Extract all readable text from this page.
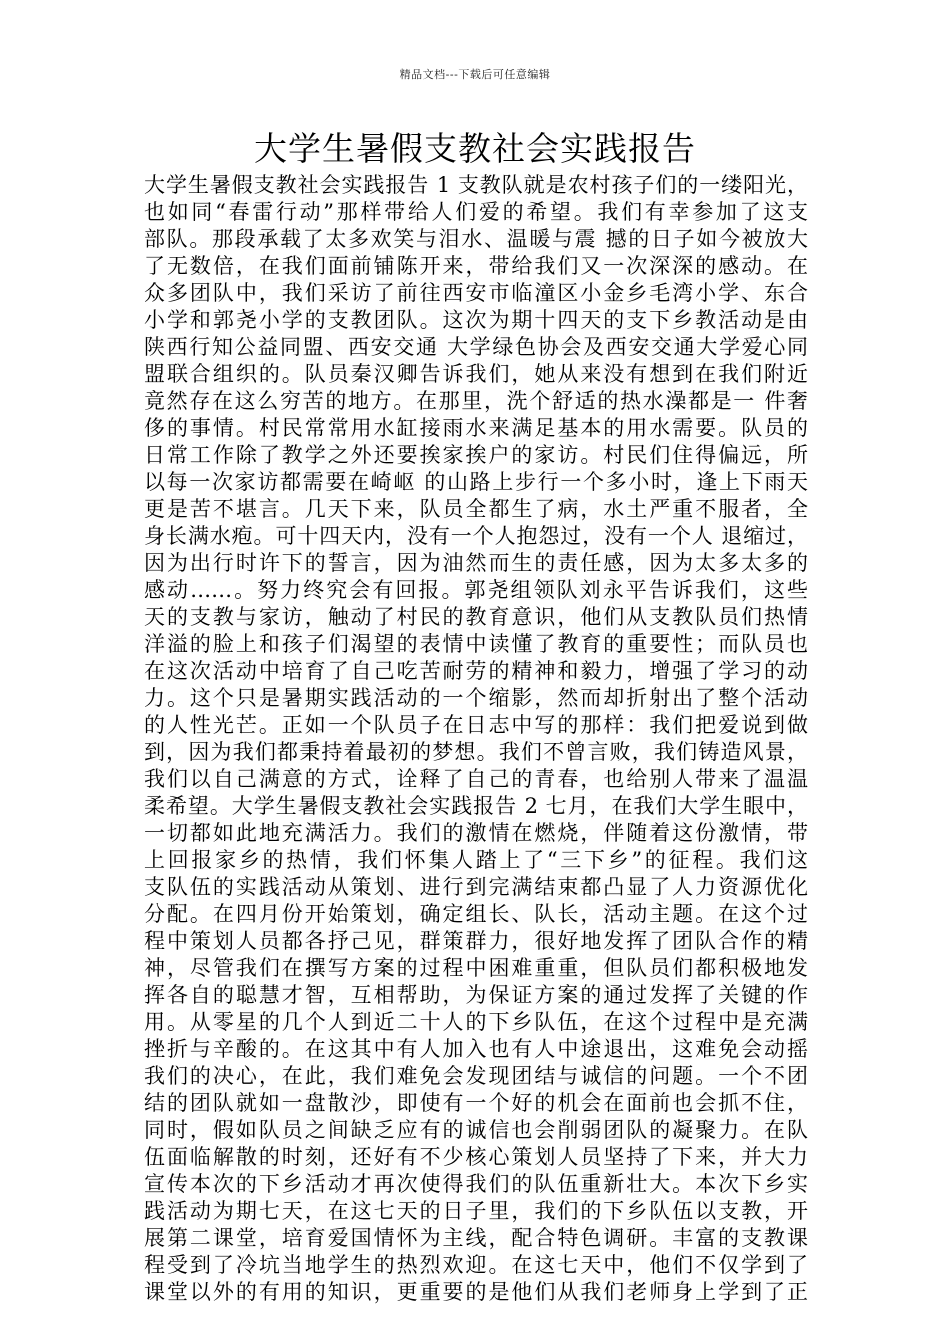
精品文档---下载后可任意编辑
大学生暑假支教社会实践报告
大学生暑假支教社会实践报告 1 支教队就是农村孩子们的一缕阳光，
也如同“春雷行动”那样带给人们爱的希望。我们有幸参加了这支
部队。那段承载了太多欢笑与泪水、温暖与震 撼的日子如今被放大
了无数倍，在我们面前铺陈开来，带给我们又一次深深的感动。在
众多团队中，我们采访了前往西安市临潼区小金乡毛湾小学、东合
小学和郭尧小学的支教团队。这次为期十四天的支下乡教活动是由
陕西行知公益同盟、西安交通 大学绿色协会及西安交通大学爱心同
盟联合组织的。队员秦汉卿告诉我们，她从来没有想到在我们附近
竟然存在这么穷苦的地方。在那里，洗个舒适的热水澡都是一 件奢
侈的事情。村民常常用水缸接雨水来满足基本的用水需要。队员的
日常工作除了教学之外还要挨家挨户的家访。村民们住得偏远，所
以每一次家访都需要在崎岖 的山路上步行一个多小时，逢上下雨天
更是苦不堪言。几天下来，队员全都生了病，水土严重不服者，全
身长满水疱。可十四天内，没有一个人抱怨过，没有一个人 退缩过，
因为出行时许下的誓言，因为油然而生的责任感，因为太多太多的
感动……。努力终究会有回报。郭尧组领队刘永平告诉我们，这些
天的支教与家访，触动了村民的教育意识，他们从支教队员们热情
洋溢的脸上和孩子们渴望的表情中读懂了教育的重要性；而队员也
在这次活动中培育了自己吃苦耐劳的精神和毅力，增强了学习的动
力。这个只是暑期实践活动的一个缩影，然而却折射出了整个活动
的人性光芒。正如一个队员子在日志中写的那样：我们把爱说到做
到，因为我们都秉持着最初的梦想。我们不曾言败，我们铸造风景，
我们以自己满意的方式，诠释了自己的青春，也给别人带来了温温
柔希望。大学生暑假支教社会实践报告 2 七月，在我们大学生眼中，
一切都如此地充满活力。我们的激情在燃烧，伴随着这份激情，带
上回报家乡的热情，我们怀集人踏上了“三下乡”的征程。我们这
支队伍的实践活动从策划、进行到完满结束都凸显了人力资源优化
分配。在四月份开始策划，确定组长、队长，活动主题。在这个过
程中策划人员都各抒己见，群策群力，很好地发挥了团队合作的精
神，尽管我们在撰写方案的过程中困难重重，但队员们都积极地发
挥各自的聪慧才智，互相帮助，为保证方案的通过发挥了关键的作
用。从零星的几个人到近二十人的下乡队伍，在这个过程中是充满
挫折与辛酸的。在这其中有人加入也有人中途退出，这难免会动摇
我们的决心，在此，我们难免会发现团结与诚信的问题。一个不团
结的团队就如一盘散沙，即使有一个好的机会在面前也会抓不住，
同时，假如队员之间缺乏应有的诚信也会削弱团队的凝聚力。在队
伍面临解散的时刻，还好有不少核心策划人员坚持了下来，并大力
宣传本次的下乡活动才再次使得我们的队伍重新壮大。本次下乡实
践活动为期七天，在这七天的日子里，我们的下乡队伍以支教，开
展第二课堂，培育爱国情怀为主线，配合特色调研。丰富的支教课
程受到了冷坑当地学生的热烈欢迎。在这七天中，他们不仅学到了
课堂以外的有用的知识，更重要的是他们从我们老师身上学到了正
